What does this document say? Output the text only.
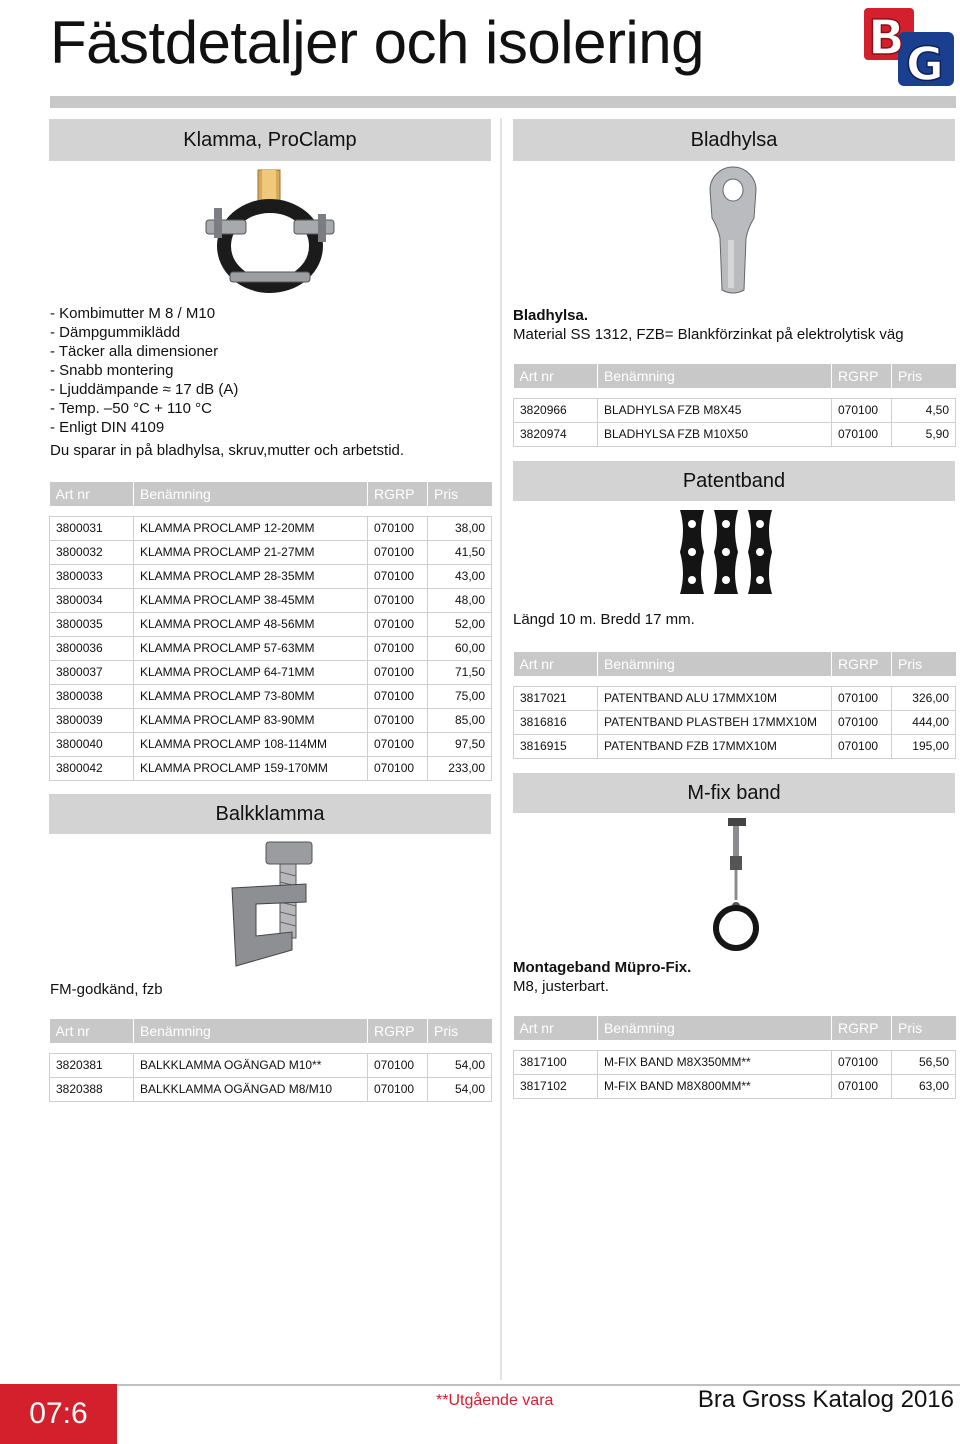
Fästdetaljer och isolering	B G
Klamma, ProClamp
- Kombimutter M 8 / M10
- Dämpgummiklädd
- Täcker alla dimensioner
- Snabb montering
- Ljuddämpande ≈ 17 dB (A)
- Temp. –50 °C + 110 °C
- Enligt DIN 4109
Du sparar in på bladhylsa, skruv,mutter och arbetstid.
Art nr	Benämning	RGRP	Pris

3800031	KLAMMA PROCLAMP 12-20MM	070100	38,00
3800032	KLAMMA PROCLAMP 21-27MM	070100	41,50
3800033	KLAMMA PROCLAMP 28-35MM	070100	43,00
3800034	KLAMMA PROCLAMP 38-45MM	070100	48,00
3800035	KLAMMA PROCLAMP 48-56MM	070100	52,00
3800036	KLAMMA PROCLAMP 57-63MM	070100	60,00
3800037	KLAMMA PROCLAMP 64-71MM	070100	71,50
3800038	KLAMMA PROCLAMP 73-80MM	070100	75,00
3800039	KLAMMA PROCLAMP 83-90MM	070100	85,00
3800040	KLAMMA PROCLAMP 108-114MM	070100	97,50
3800042	KLAMMA PROCLAMP 159-170MM	070100	233,00
Balkklamma
FM-godkänd, fzb
Art nr	Benämning	RGRP	Pris

3820381	BALKKLAMMA OGÄNGAD M10**	070100	54,00
3820388	BALKKLAMMA OGÄNGAD M8/M10	070100	54,00
Bladhylsa
Bladhylsa.
Material SS 1312, FZB= Blankförzinkat på elektrolytisk väg
Art nr	Benämning	RGRP	Pris

3820966	BLADHYLSA FZB M8X45	070100	4,50
3820974	BLADHYLSA FZB M10X50	070100	5,90
Patentband
Längd 10 m. Bredd 17 mm.
Art nr	Benämning	RGRP	Pris

3817021	PATENTBAND ALU 17MMX10M	070100	326,00
3816816	PATENTBAND PLASTBEH 17MMX10M	070100	444,00
3816915	PATENTBAND FZB 17MMX10M	070100	195,00
M-fix band
Montageband Müpro-Fix.
M8, justerbart.
Art nr	Benämning	RGRP	Pris

3817100	M-FIX BAND M8X350MM**	070100	56,50
3817102	M-FIX BAND M8X800MM**	070100	63,00
07:6	**Utgående vara	Bra Gross Katalog 2016
